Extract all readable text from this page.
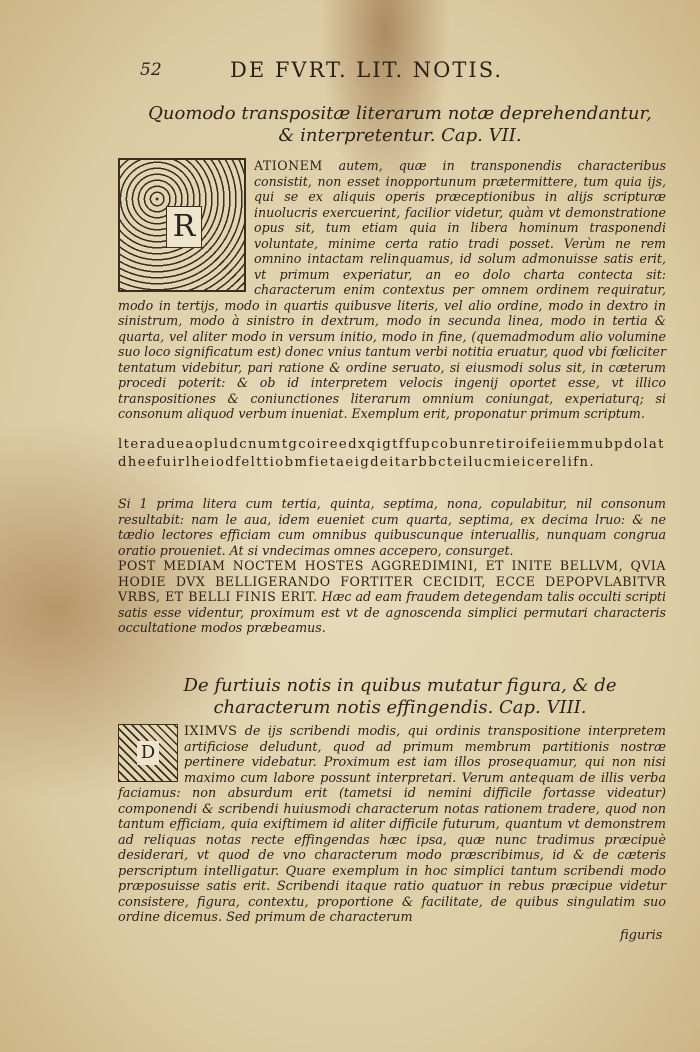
52	DE FVRT. LIT. NOTIS.
Quomodo transpositæ literarum notæ deprehendantur, & interpretentur. Cap. VII.
R

ATIONEM autem, quæ in transponendis characteribus consistit, non esset inopportunum prætermittere, tum quia ijs, qui se ex aliquis operis præceptionibus in alijs scripturæ inuolucris exercuerint, facilior videtur, quàm vt demonstratione opus sit, tum etiam quia in libera hominum trasponendi voluntate, minime certa ratio tradi posset. Verùm ne rem omnino intactam relinquamus, id solum admonuisse satis erit, vt primum experiatur, an eo dolo charta contecta sit: characterum enim contextus per omnem ordinem requiratur, modo in tertijs, modo in quartis quibusve literis, vel alio ordine, modo in dextro in sinistrum, modo à sinistro in dextrum, modo in secunda linea, modo in tertia & quarta, vel aliter modo in versum initio, modo in fine, (quemadmodum alio volumine suo loco significatum est) donec vnius tantum verbi notitia eruatur, quod vbi fœliciter tentatum videbitur, pari ratione & ordine seruato, si eiusmodi solus sit, in cæterum procedi poterit: & ob id interpretem velocis ingenij oportet esse, vt illico transpositiones & coniunctiones literarum omnium coniungat, experiaturq; si consonum aliquod verbum inueniat. Exemplum erit, proponatur primum scriptum.

lteradueaopludcnumtgcoireedxqigtffupcobunretiroifeiiemmubpdolatdheefuirlheiodfelttiobmfietaeigdeitarbbcteilucmieicerelifn.

Si 1 prima litera cum tertia, quinta, septima, nona, copulabitur, nil consonum resultabit: nam le aua, idem eueniet cum quarta, septima, ex decima lruo: & ne tædio lectores efficiam cum omnibus quibuscunque interuallis, nunquam congrua oratio proueniet. At si vndecimas omnes accepero, consurget.

POST MEDIAM NOCTEM HOSTES AGGREDIMINI, ET INITE BELLVM, QVIA HODIE DVX BELLIGERANDO FORTITER CECIDIT, ECCE DEPOPVLABITVR VRBS, ET BELLI FINIS ERIT. Hæc ad eam fraudem detegendam talis occulti scripti satis esse videntur, proximum est vt de agnoscenda simplici permutari characteris occultatione modos præbeamus.

De furtiuis notis in quibus mutatur figura, & de characterum notis effingendis. Cap. VIII.
D

IXIMVS de ijs scribendi modis, qui ordinis transpositione interpretem artificiose deludunt, quod ad primum membrum partitionis nostræ pertinere videbatur. Proximum est iam illos prosequamur, qui non nisi maximo cum labore possunt interpretari. Verum antequam de illis verba faciamus: non absurdum erit (tametsi id nemini difficile fortasse videatur) componendi & scribendi huiusmodi characterum notas rationem tradere, quod non tantum efficiam, quia exiftimem id aliter difficile futurum, quantum vt demonstrem ad reliquas notas recte effingendas hæc ipsa, quæ nunc tradimus præcipuè desiderari, vt quod de vno characterum modo præscribimus, id & de cæteris perscriptum intelligatur. Quare exemplum in hoc simplici tantum scribendi modo præposuisse satis erit. Scribendi itaque ratio quatuor in rebus præcipue videtur consistere, figura, contextu, proportione & facilitate, de quibus singulatim suo ordine dicemus. Sed primum de characterum

figuris
